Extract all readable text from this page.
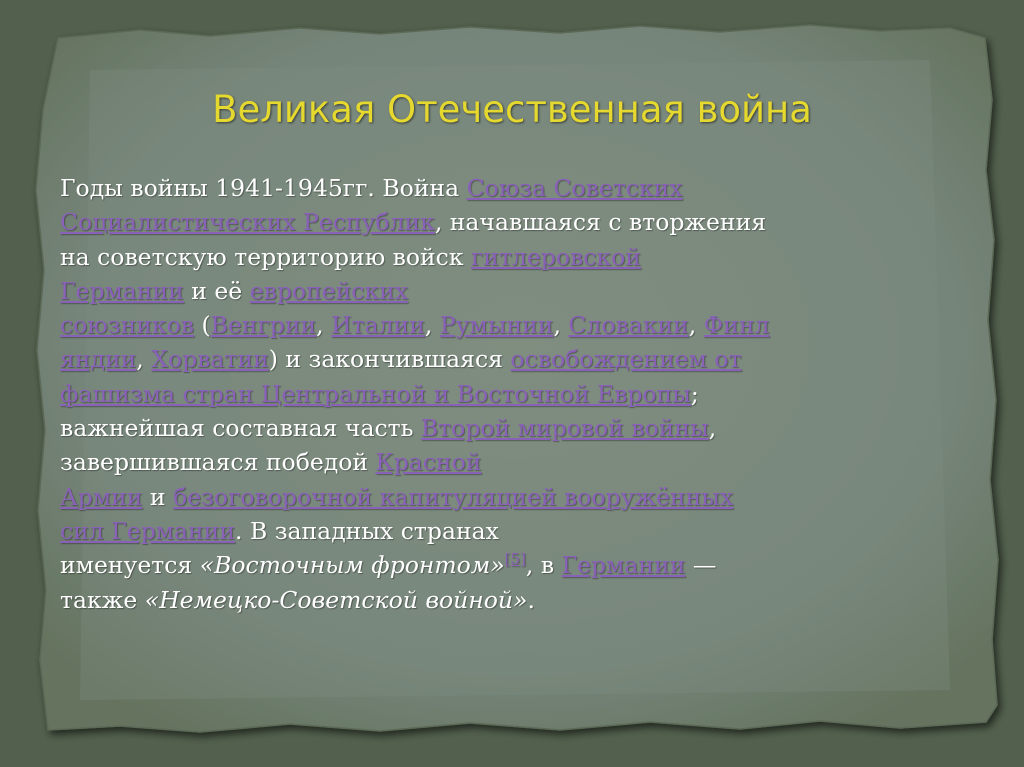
Великая Отечественная война
Годы войны 1941-1945гг. Война Союза Советских
Социалистических Республик, начавшаяся с вторжения
на советскую территорию войск гитлеровской
Германии и её европейских
союзников (Венгрии, Италии, Румынии, Словакии, Финл
яндии, Хорватии) и закончившаяся освобождением от
фашизма стран Центральной и Восточной Европы;
важнейшая составная часть Второй мировой войны,
завершившаяся победой Красной
Армии и безоговорочной капитуляцией вооружённых
сил Германии. В западных странах
именуется «Восточным фронтом»[5], в Германии —
также «Немецко-Советской войной».
